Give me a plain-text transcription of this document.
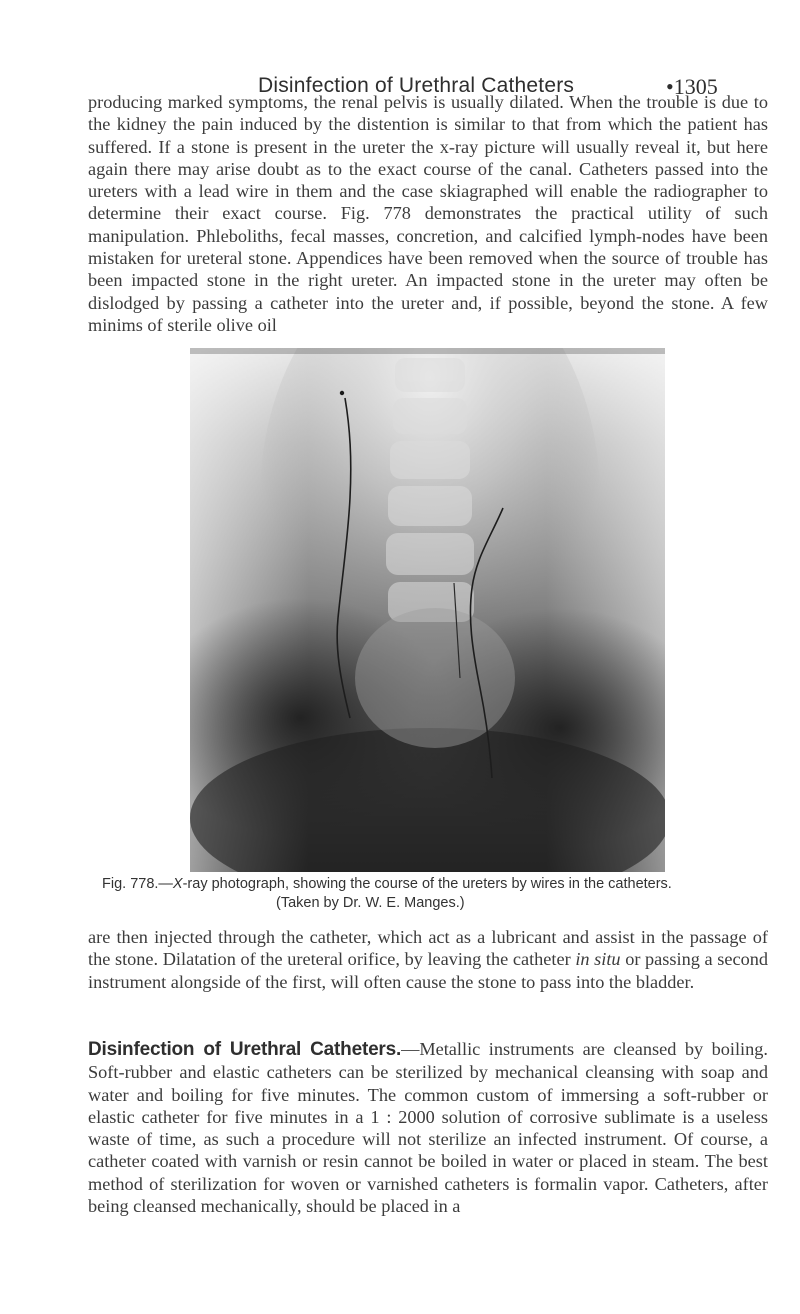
Disinfection of Urethral Catheters	•1305

producing marked symptoms, the renal pelvis is usually dilated. When the trouble is due to the kidney the pain induced by the distention is similar to that from which the patient has suffered. If a stone is present in the ureter the x-ray picture will usually reveal it, but here again there may arise doubt as to the exact course of the canal. Catheters passed into the ureters with a lead wire in them and the case skiagraphed will enable the radiographer to determine their exact course. Fig. 778 demonstrates the practical utility of such manipulation. Phleboliths, fecal masses, concretion, and calcified lymph-nodes have been mistaken for ureteral stone. Appendices have been removed when the source of trouble has been impacted stone in the right ureter. An impacted stone in the ureter may often be dislodged by passing a catheter into the ureter and, if possible, beyond the stone. A few minims of sterile olive oil

Fig. 778.—X-ray photograph, showing the course of the ureters by wires in the catheters.
(Taken by Dr. W. E. Manges.)

are then injected through the catheter, which act as a lubricant and assist in the passage of the stone. Dilatation of the ureteral orifice, by leaving the catheter in situ or passing a second instrument alongside of the first, will often cause the stone to pass into the bladder.

Disinfection of Urethral Catheters.—Metallic instruments are cleansed by boiling. Soft-rubber and elastic catheters can be sterilized by mechanical cleansing with soap and water and boiling for five minutes. The common custom of immersing a soft-rubber or elastic catheter for five minutes in a 1 : 2000 solution of corrosive sublimate is a useless waste of time, as such a procedure will not sterilize an infected instrument. Of course, a catheter coated with varnish or resin cannot be boiled in water or placed in steam. The best method of sterilization for woven or varnished catheters is formalin vapor. Catheters, after being cleansed mechanically, should be placed in a
